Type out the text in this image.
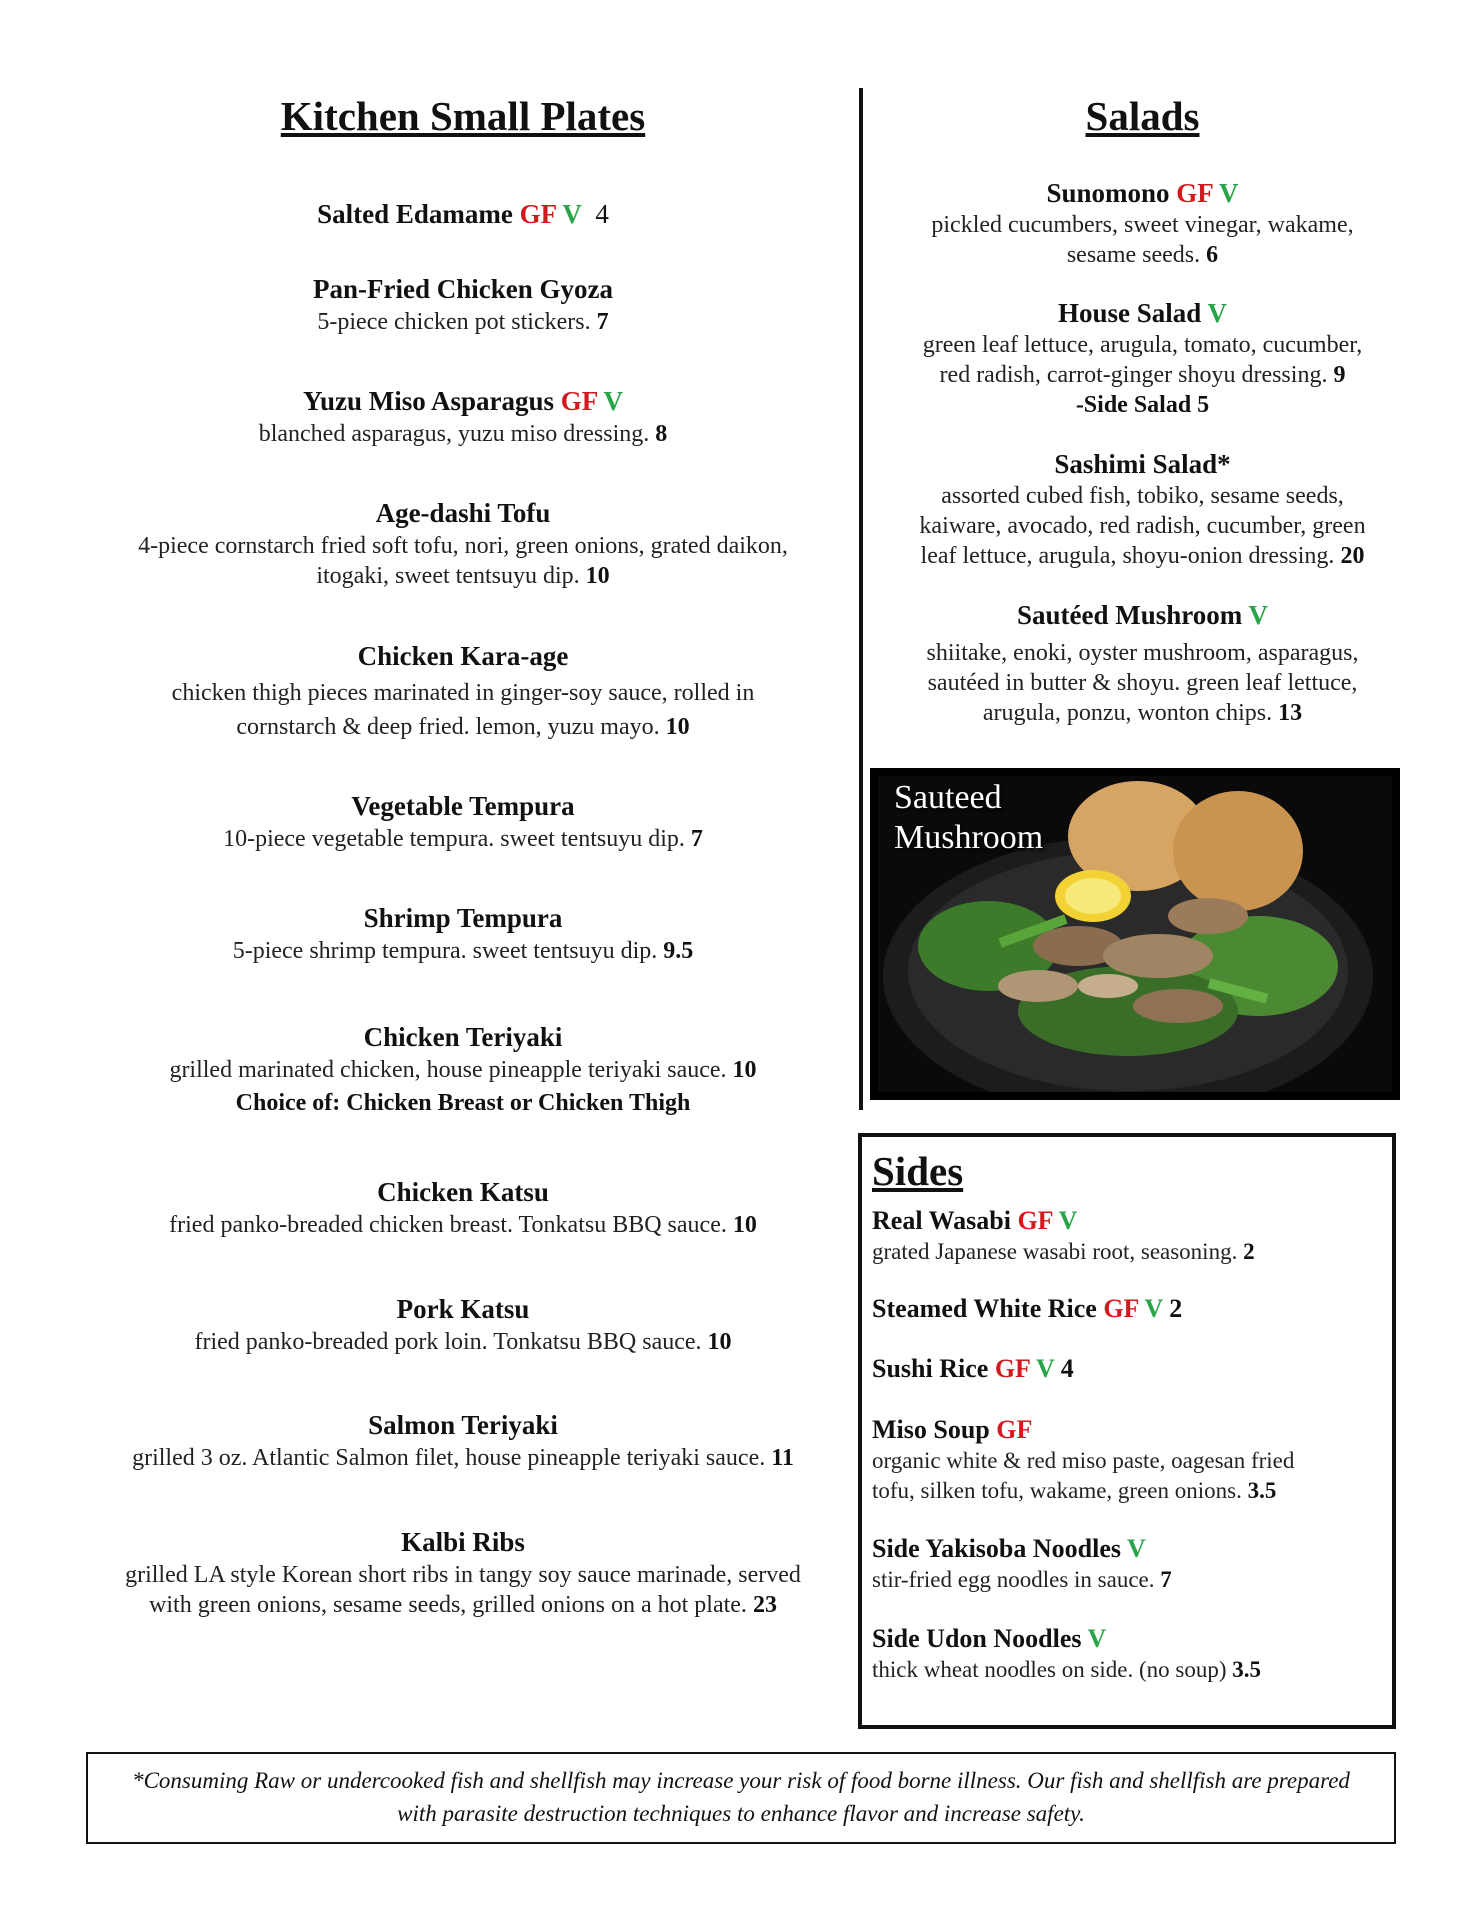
Kitchen Small Plates

Salted Edamame GF V 4

Pan-Fried Chicken Gyoza

5-piece chicken pot stickers. 7

Yuzu Miso Asparagus GF V

blanched asparagus, yuzu miso dressing. 8

Age-dashi Tofu

4-piece cornstarch fried soft tofu, nori, green onions, grated daikon,

itogaki, sweet tentsuyu dip. 10

Chicken Kara-age

chicken thigh pieces marinated in ginger-soy sauce, rolled in

cornstarch & deep fried. lemon, yuzu mayo. 10

Vegetable Tempura

10-piece vegetable tempura. sweet tentsuyu dip. 7

Shrimp Tempura

5-piece shrimp tempura. sweet tentsuyu dip. 9.5

Chicken Teriyaki

grilled marinated chicken, house pineapple teriyaki sauce. 10

Choice of: Chicken Breast or Chicken Thigh

Chicken Katsu

fried panko-breaded chicken breast. Tonkatsu BBQ sauce. 10

Pork Katsu

fried panko-breaded pork loin. Tonkatsu BBQ sauce. 10

Salmon Teriyaki

grilled 3 oz. Atlantic Salmon filet, house pineapple teriyaki sauce. 11

Kalbi Ribs

grilled LA style Korean short ribs in tangy soy sauce marinade, served

with green onions, sesame seeds, grilled onions on a hot plate. 23

Salads

Sunomono GF V

pickled cucumbers, sweet vinegar, wakame,

sesame seeds. 6

House Salad V

green leaf lettuce, arugula, tomato, cucumber,

red radish, carrot-ginger shoyu dressing. 9

-Side Salad 5

Sashimi Salad*

assorted cubed fish, tobiko, sesame seeds,

kaiware, avocado, red radish, cucumber, green

leaf lettuce, arugula, shoyu-onion dressing. 20

Sautéed Mushroom V

shiitake, enoki, oyster mushroom, asparagus,

sautéed in butter & shoyu. green leaf lettuce,

arugula, ponzu, wonton chips. 13

Sauteed
Mushroom
Sides

Real Wasabi GF V

grated Japanese wasabi root, seasoning. 2

Steamed White Rice GF V 2

Sushi Rice GF V 4

Miso Soup GF

organic white & red miso paste, oagesan fried

tofu, silken tofu, wakame, green onions. 3.5

Side Yakisoba Noodles V

stir-fried egg noodles in sauce. 7

Side Udon Noodles V

thick wheat noodles on side. (no soup) 3.5

*Consuming Raw or undercooked fish and shellfish may increase your risk of food borne illness. Our fish and shellfish are prepared
with parasite destruction techniques to enhance flavor and increase safety.
